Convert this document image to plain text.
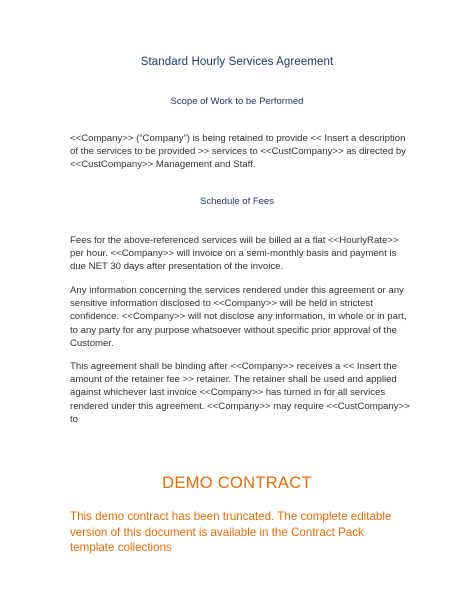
Standard Hourly Services Agreement
Scope of Work to be Performed

<<Company>> (“Company”) is being retained to provide << Insert a description of the services to be provided >> services to <<CustCompany>> as directed by <<CustCompany>> Management and Staff.

Schedule of Fees

Fees for the above-referenced services will be billed at a flat <<HourlyRate>> per hour. <<Company>> will invoice on a semi-monthly basis and payment is due NET 30 days after presentation of the invoice.

Any information concerning the services rendered under this agreement or any sensitive information disclosed to <<Company>> will be held in strictest confidence. <<Company>> will not disclose any information, in whole or in part, to any party for any purpose whatsoever without specific prior approval of the Customer.

This agreement shall be binding after <<Company>> receives a << Insert the amount of the retainer fee >> retainer. The retainer shall be used and applied against whichever last invoice <<Company>> has turned in for all services rendered under this agreement. <<Company>> may require <<CustCompany>> to

DEMO CONTRACT

This demo contract has been truncated. The complete editable version of this document is available in the Contract Pack template collections
